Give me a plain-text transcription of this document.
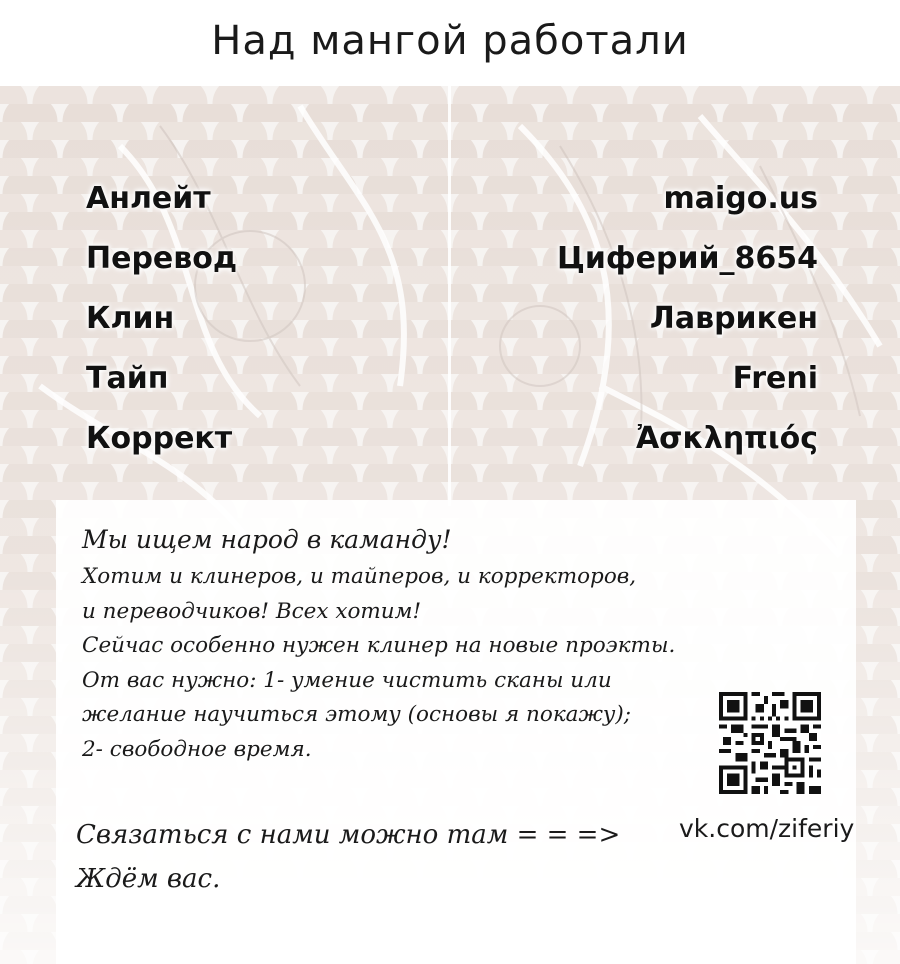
Над мангой работали
Анлейт	maigo.us
Перевод	Циферий_8654
Клин	Лаврикен
Тайп	Freni
Коррект	Ἀσκληπιός
Мы ищем народ в каманду!
Хотим и клинеров, и тайперов, и корректоров,
и переводчиков! Всех хотим!
Сейчас особенно нужен клинер на новые проэкты.
От вас нужно: 1- умение чистить сканы или
желание научиться этому (основы я покажу);
2- свободное время.
Связаться с нами можно там = = =>
Ждём вас.
vk.com/ziferiy
